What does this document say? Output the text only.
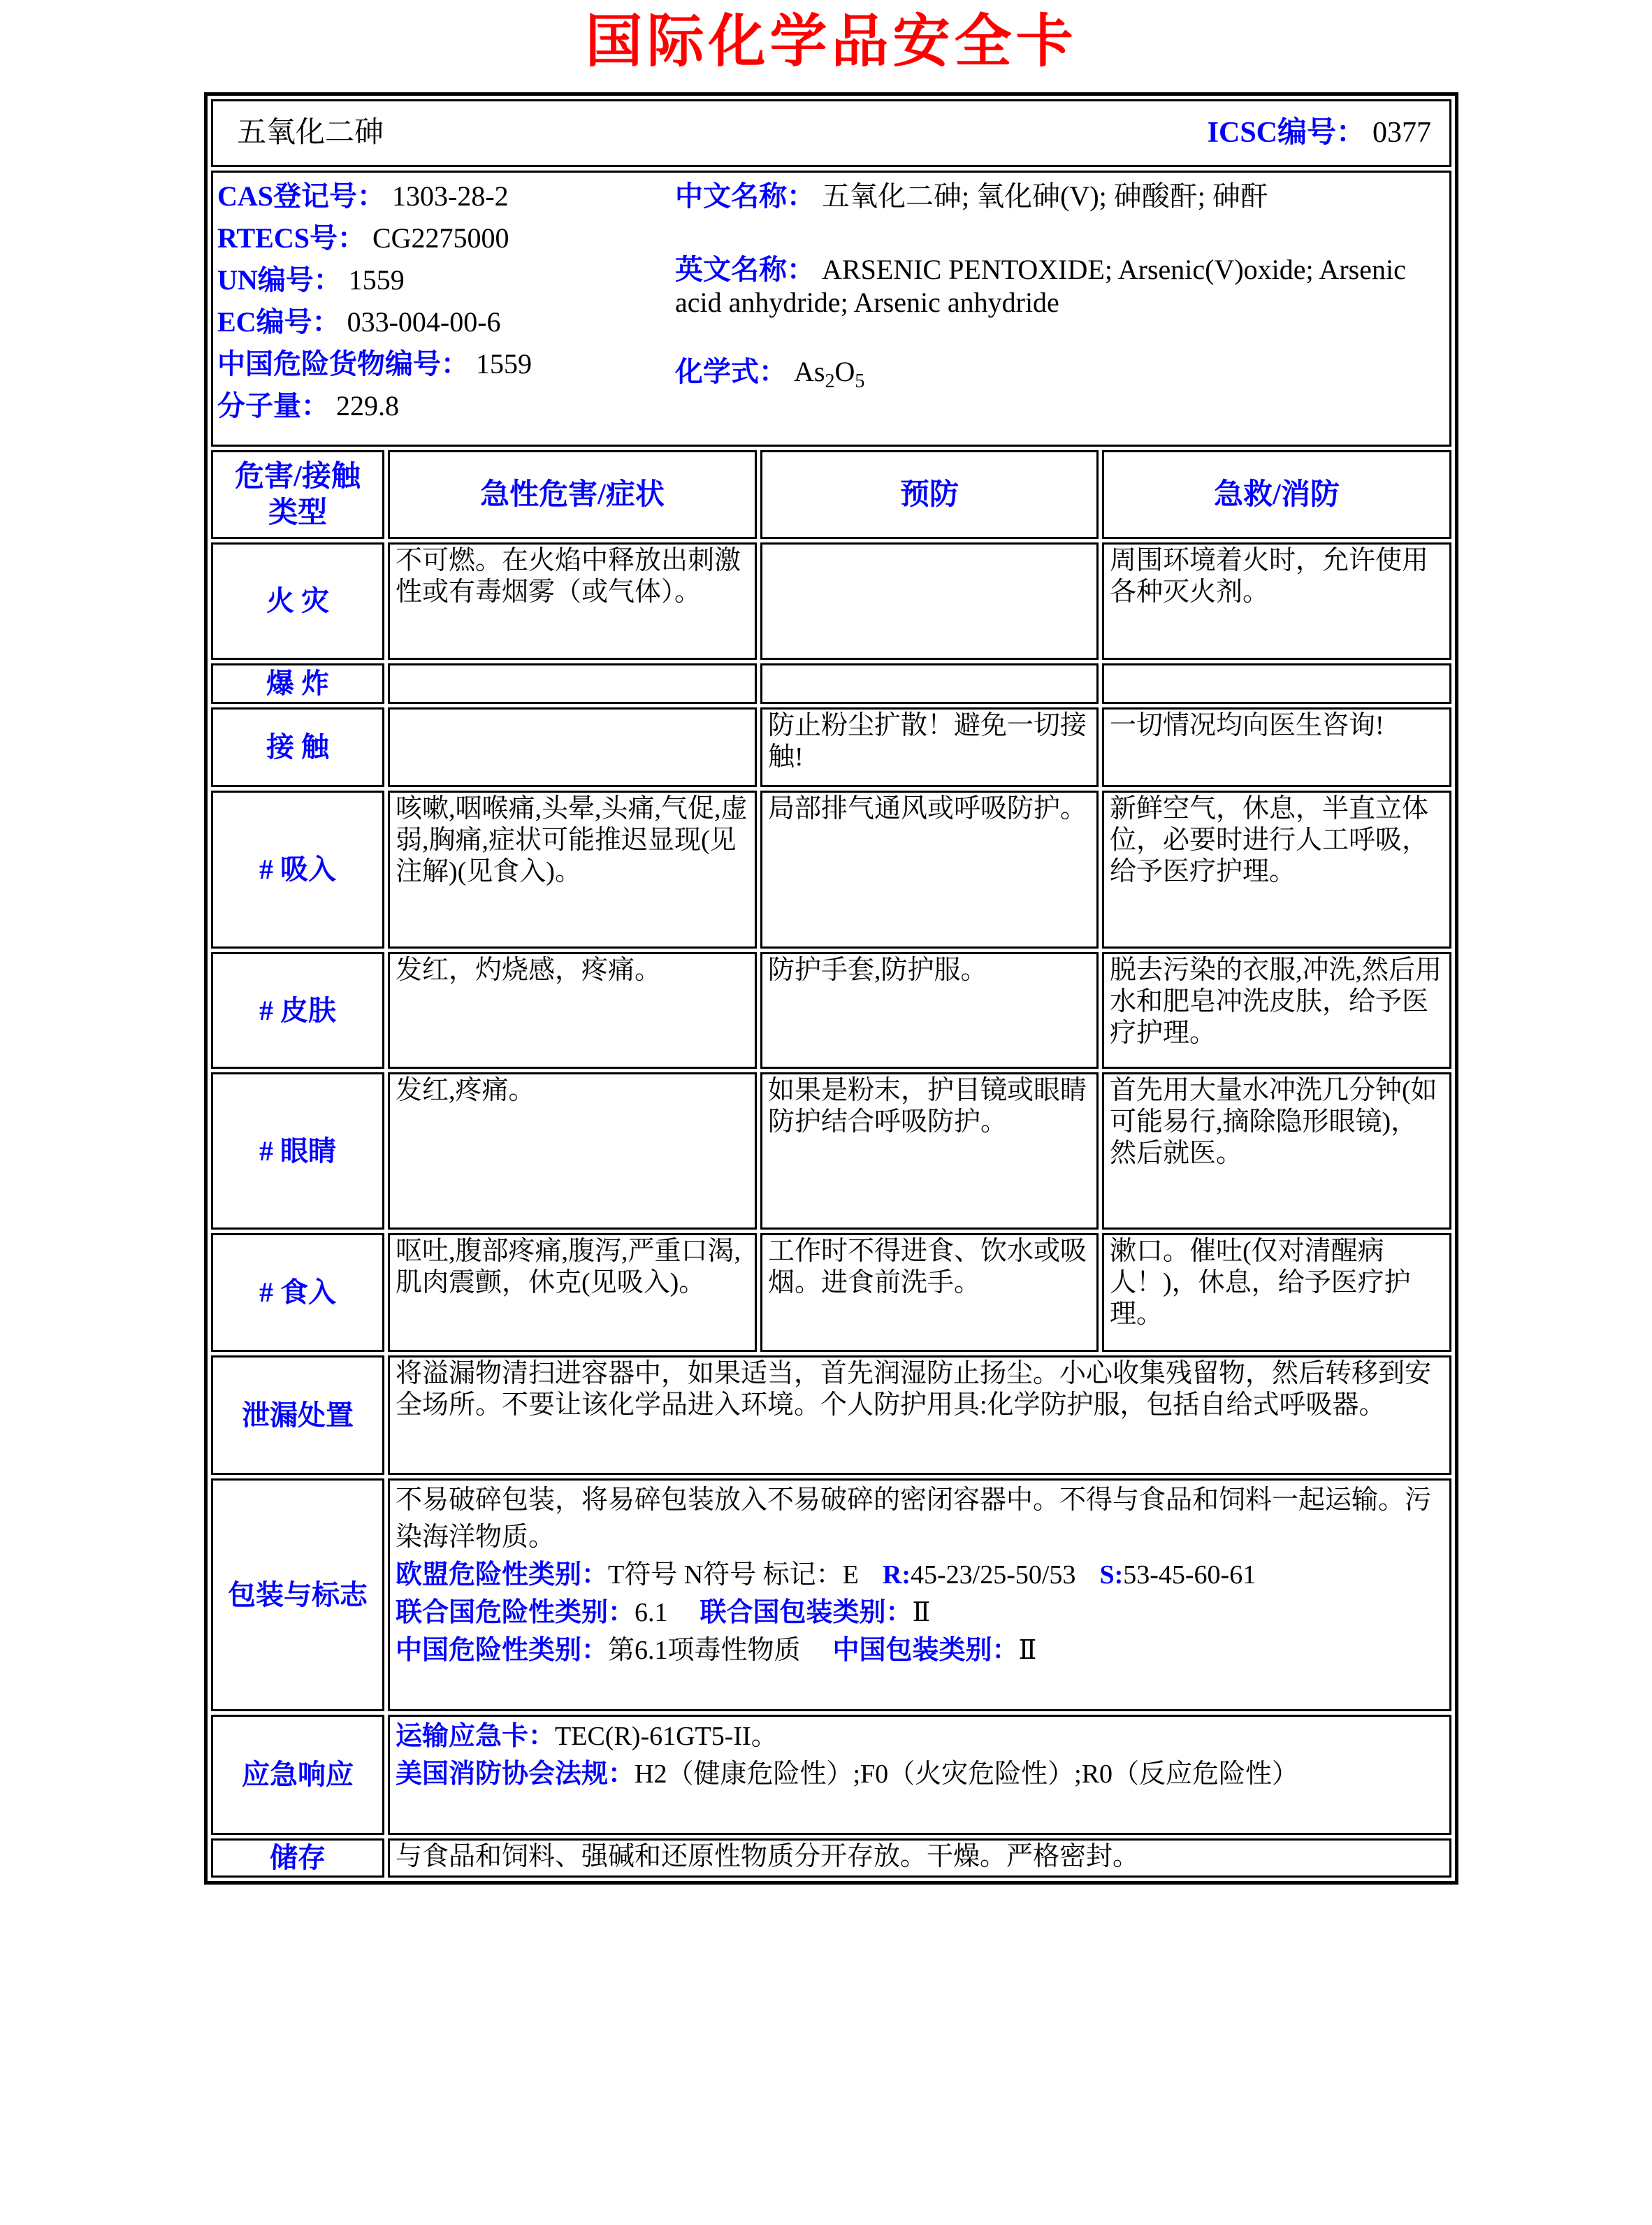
国际化学品安全卡
五氧化二砷 ICSC编号： 0377			

CAS登记号： 1303-28-2
RTECS号： CG2275000
UN编号： 1559
EC编号： 033-004-00-6
中国危险货物编号： 1559
分子量： 229.8
中文名称： 五氧化二砷; 氧化砷(V); 砷酸酐; 砷酐
英文名称： ARSENIC PENTOXIDE; Arsenic(V)oxide; Arsenic acid anhydride; Arsenic anhydride
化学式： $As_2O_5$

危害/接触
类型	急性危害/症状	预防	急救/消防
火 灾	不可燃。在火焰中释放出刺激性或有毒烟雾（或气体）。		周围环境着火时，允许使用各种灭火剂。
爆 炸			
接 触		防止粉尘扩散！避免一切接触!	一切情况均向医生咨询!
# 吸入	咳嗽,咽喉痛,头晕,头痛,气促,虚弱,胸痛,症状可能推迟显现(见注解)(见食入)。	局部排气通风或呼吸防护。	新鲜空气，休息，半直立体位，必要时进行人工呼吸，给予医疗护理。
# 皮肤	发红，灼烧感，疼痛。	防护手套,防护服。	脱去污染的衣服,冲洗,然后用水和肥皂冲洗皮肤，给予医疗护理。
# 眼睛	发红,疼痛。	如果是粉末，护目镜或眼睛防护结合呼吸防护。	首先用大量水冲洗几分钟(如可能易行,摘除隐形眼镜)，然后就医。
# 食入	呕吐,腹部疼痛,腹泻,严重口渴,肌肉震颤，休克(见吸入)。	工作时不得进食、饮水或吸烟。进食前洗手。	漱口。催吐(仅对清醒病人！)，休息，给予医疗护理。
泄漏处置	将溢漏物清扫进容器中，如果适当，首先润湿防止扬尘。小心收集残留物，然后转移到安全场所。不要让该化学品进入环境。个人防护用具:化学防护服，包括自给式呼吸器。		
包装与标志	不易破碎包装，将易碎包装放入不易破碎的密闭容器中。不得与食品和饲料一起运输。污染海洋物质。
欧盟危险性类别：T符号 N符号 标记：E R:45-23/25-50/53 S:53-45-60-61
联合国危险性类别：6.1 联合国包装类别：Ⅱ
中国危险性类别：第6.1项毒性物质 中国包装类别：Ⅱ		

应急响应	运输应急卡：TEC(R)-61GT5-II。
美国消防协会法规：H2（健康危险性）;F0（火灾危险性）;R0（反应危险性）		

储存	与食品和饲料、强碱和还原性物质分开存放。干燥。严格密封。		
